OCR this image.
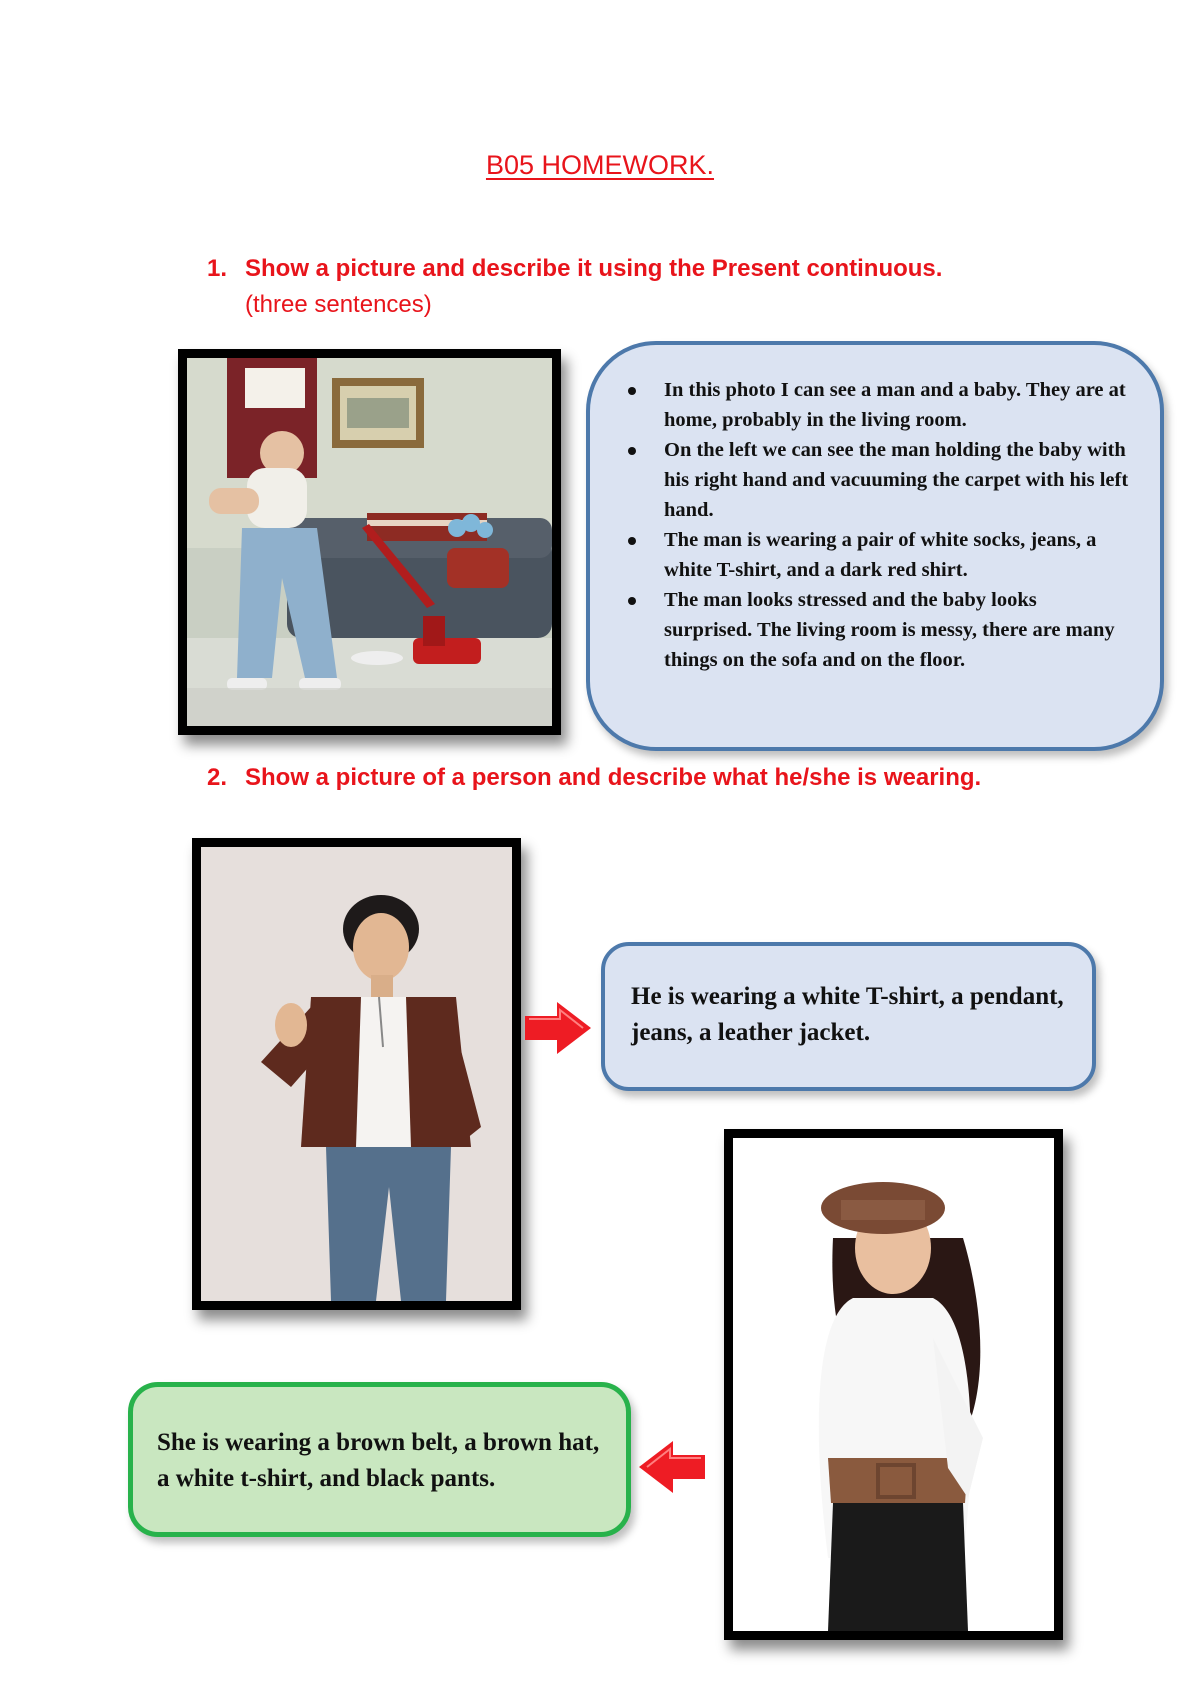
B05 HOMEWORK.
1. Show a picture and describe it using the Present continuous.
(three sentences)
In this photo I can see a man and a baby. They are at home, probably in the living room.
On the left we can see the man holding the baby with his right hand and vacuuming the carpet with his left hand.
The man is wearing a pair of white socks, jeans, a white T-shirt, and a dark red shirt.
The man looks stressed and the baby looks surprised. The living room is messy, there are many things on the sofa and on the floor.
2. Show a picture of a person and describe what he/she is wearing.
He is wearing a white T-shirt, a pendant, jeans, a leather jacket.
She is wearing a brown belt, a brown hat, a white t-shirt, and black pants.
